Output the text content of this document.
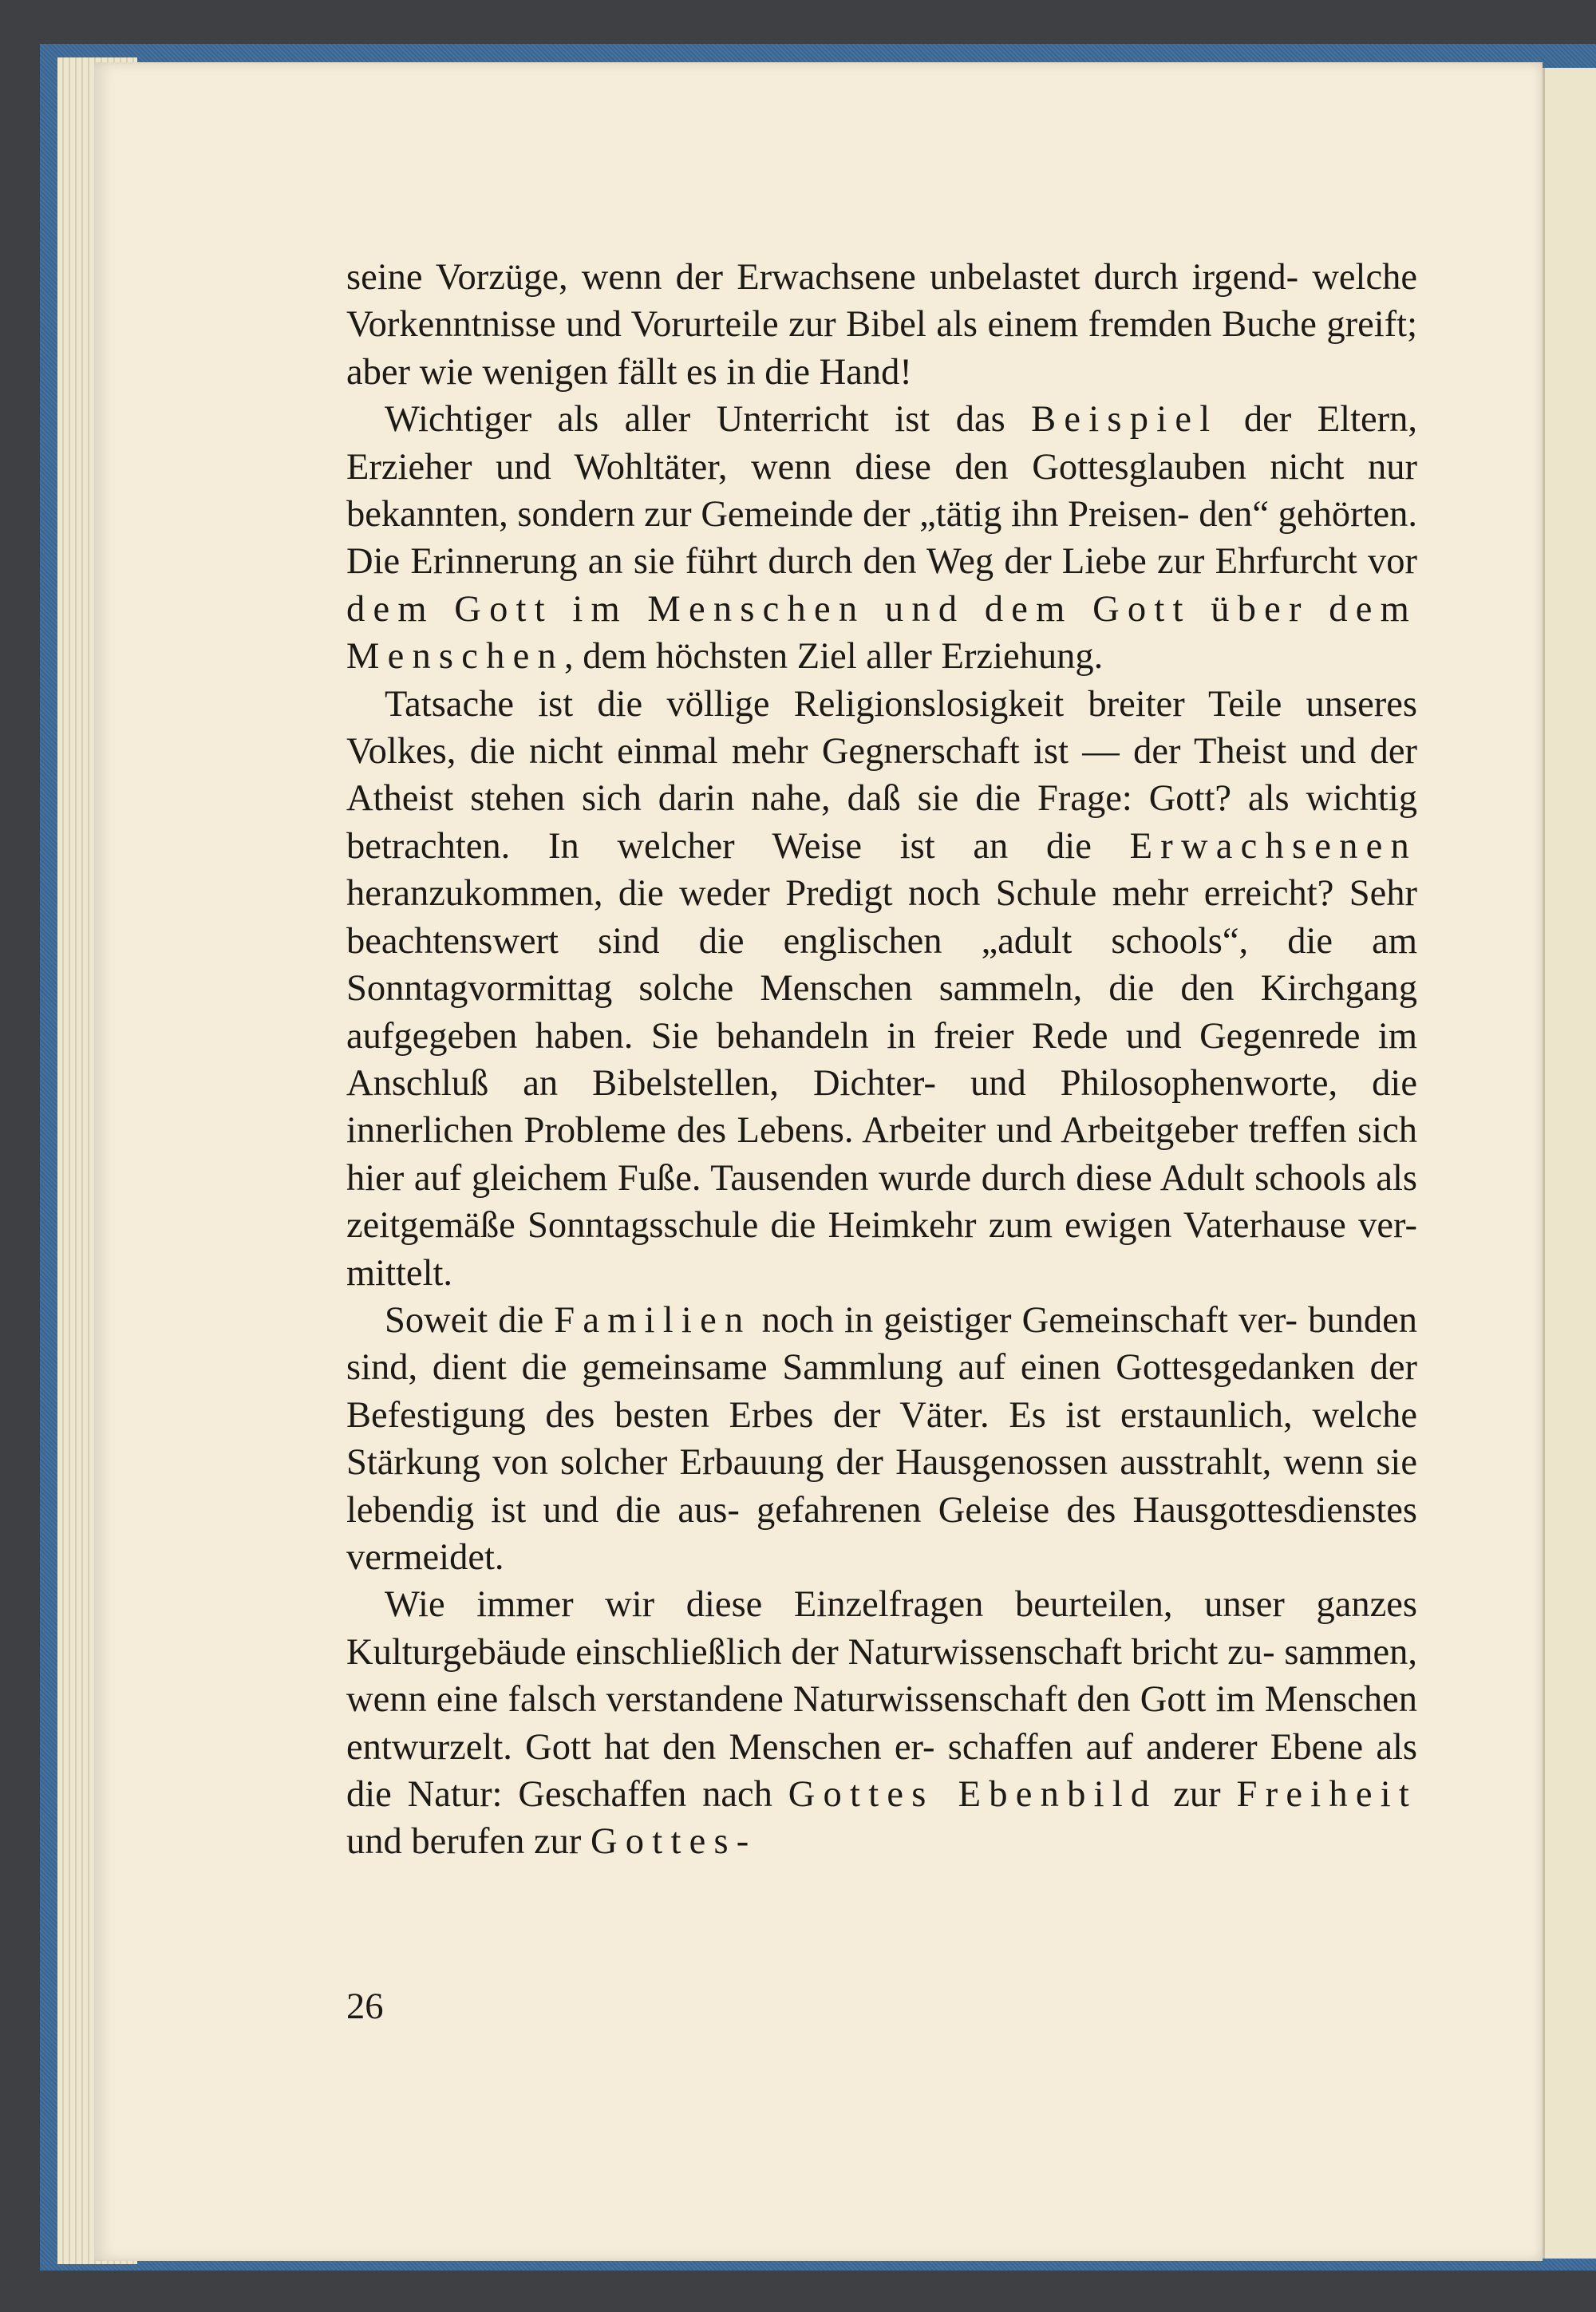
seine Vorzüge, wenn der Erwachsene unbelastet durch irgend- welche Vorkenntnisse und Vorurteile zur Bibel als einem fremden Buche greift; aber wie wenigen fällt es in die Hand!

Wichtiger als aller Unterricht ist das Beispiel der Eltern, Erzieher und Wohltäter, wenn diese den Gottesglauben nicht nur bekannten, sondern zur Gemeinde der „tätig ihn Preisen- den“ gehörten. Die Erinnerung an sie führt durch den Weg der Liebe zur Ehrfurcht vor dem Gott im Menschen und dem Gott über dem Menschen, dem höchsten Ziel aller Erziehung.

Tatsache ist die völlige Religionslosigkeit breiter Teile unseres Volkes, die nicht einmal mehr Gegnerschaft ist — der Theist und der Atheist stehen sich darin nahe, daß sie die Frage: Gott? als wichtig betrachten. In welcher Weise ist an die Erwachsenen heranzukommen, die weder Predigt noch Schule mehr erreicht? Sehr beachtenswert sind die englischen „adult schools“, die am Sonntagvormittag solche Menschen sammeln, die den Kirchgang aufgegeben haben. Sie behandeln in freier Rede und Gegenrede im Anschluß an Bibelstellen, Dichter- und Philosophenworte, die innerlichen Probleme des Lebens. Arbeiter und Arbeitgeber treffen sich hier auf gleichem Fuße. Tausenden wurde durch diese Adult schools als zeitgemäße Sonntagsschule die Heimkehr zum ewigen Vaterhause ver- mittelt.

Soweit die Familien noch in geistiger Gemeinschaft ver- bunden sind, dient die gemeinsame Sammlung auf einen Gottesgedanken der Befestigung des besten Erbes der Väter. Es ist erstaunlich, welche Stärkung von solcher Erbauung der Hausgenossen ausstrahlt, wenn sie lebendig ist und die aus- gefahrenen Geleise des Hausgottesdienstes vermeidet.

Wie immer wir diese Einzelfragen beurteilen, unser ganzes Kulturgebäude einschließlich der Naturwissenschaft bricht zu- sammen, wenn eine falsch verstandene Naturwissenschaft den Gott im Menschen entwurzelt. Gott hat den Menschen er- schaffen auf anderer Ebene als die Natur: Geschaffen nach Gottes Ebenbild zur Freiheit und berufen zur Gottes-

26
